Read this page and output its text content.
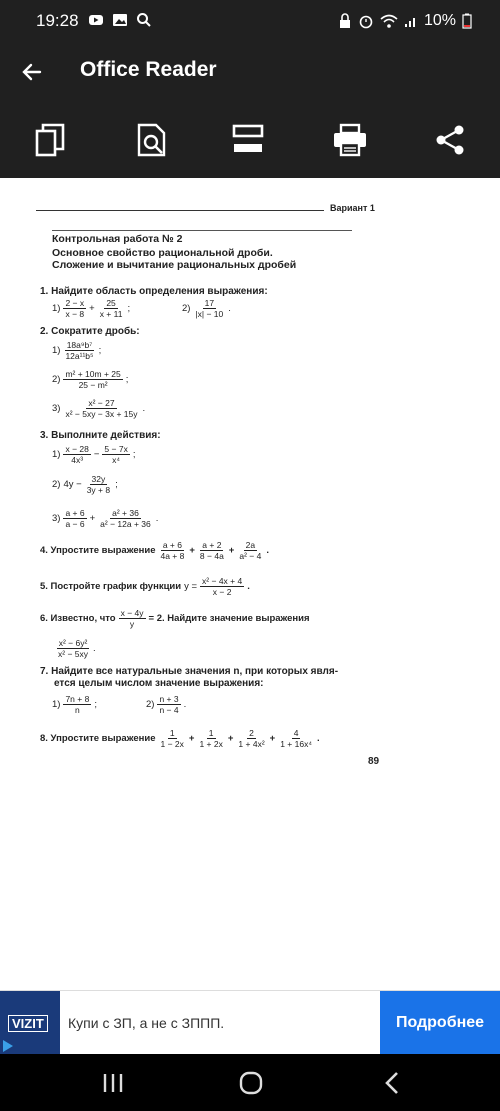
19:28	10%
Office Reader
Вариант 1
Контрольная работа № 2
Основное свойство рациональной дроби.
Сложение и вычитание рациональных дробей
1. Найдите область определения выражения:
$1) \frac{2 - x}{x - 8} + \frac{25}{x + 11}$ ;	$2) \frac{17}{|x| - 10}$ .
2. Сократите дробь:
$1) \frac{\text{18a⁹b⁷}}{\text{12a¹¹b⁵}}$ ;
$2) \frac{\text{m² + 10m + 25}}{\text{25 − m²}}$ ;
$3) \frac{\text{x² − 27}}{\text{x² − 5xy − 3x + 15y}}$ .
3. Выполните действия:
$1) \frac{x - 28}{\text{4x³}} - \frac{5 - 7x}{\text{x⁴}}$ ;
2) $4y - \frac{32y}{3y + 8}$ ;
$3) \frac{a + 6}{a - 6} + \frac{\text{a² + 36}}{\text{a² − 12a + 36}}$ .
4. Упростите выражение $\frac{a + 6}{4a + 8} + \frac{a + 2}{8 - 4a} + \frac{2a}{\text{a² − 4}}$ .
5. Постройте график функции $y = \frac{\text{x² − 4x + 4}}{x - 2}$ .
6. Известно, что $\frac{x - 4y}{y} = 2$. Найдите значение выражения
$\frac{\text{x² − 6y²}}{\text{x² − 5xy}}$ .
7. Найдите все натуральные значения n, при которых явля-
ется целым числом значение выражения:
$1) \frac{7n + 8}{n}$ ;	$2) \frac{n + 3}{n - 4}$ .
8. Упростите выражение $\frac{1}{1 - 2x} + \frac{1}{1 + 2x} + \frac{2}{\text{1 + 4x²}} + \frac{4}{\text{1 + 16x⁴}}$ .
89
VIZIT Купи с ЗП, а не с ЗППП.	Подробнее
